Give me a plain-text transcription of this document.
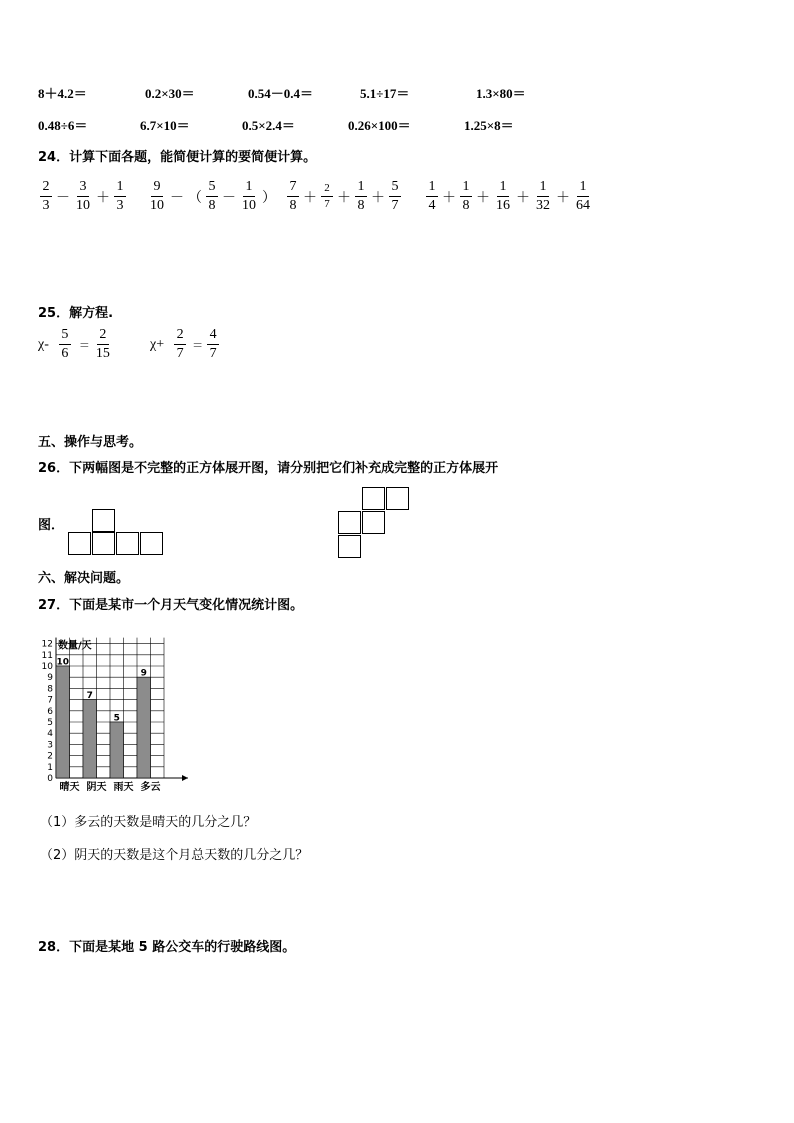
8＋4.2＝	0.2×30＝	0.54－0.4＝	5.1÷17＝	1.3×80＝
0.48÷6＝	6.7×10＝	0.5×2.4＝	0.26×100＝	1.25×8＝
24．计算下面各题，能简便计算的要简便计算。
$\frac{2}{3} - \frac{3}{10} + \frac{1}{3} \frac{9}{10}$ － （ $\frac{5}{8} - \frac{1}{10}$ ） $\frac{7}{8} + \frac{2}{7} + \frac{1}{8} + \frac{5}{7} \frac{1}{4} + \frac{1}{8} + \frac{1}{16} + \frac{1}{32} + \frac{1}{64}$
25．解方程.
$\chi- \frac{5}{6} = \frac{2}{15}$	$\chi+ \frac{2}{7} = \frac{4}{7}$
五、操作与思考。
26．下两幅图是不完整的正方体展开图，请分别把它们补充成完整的正方体展开
图．
六、解决问题。
27．下面是某市一个月天气变化情况统计图。
数量/天
0
1
2
3
4
5
6
7
8
9
10
11
12
10
晴天
7
阴天
5
雨天
9
多云
（1）多云的天数是晴天的几分之几？
（2）阴天的天数是这个月总天数的几分之几？
28．下面是某地 5 路公交车的行驶路线图。
